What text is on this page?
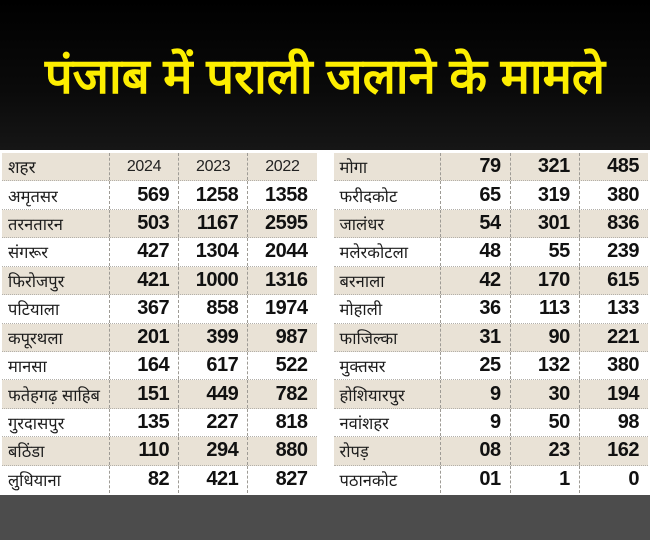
पंजाब में पराली जलाने के मामले
शहर	2024	2023	2022
अमृतसर	569	1258	1358
तरनतारन	503	1167	2595
संगरूर	427	1304	2044
फिरोजपुर	421	1000	1316
पटियाला	367	858	1974
कपूरथला	201	399	987
मानसा	164	617	522
फतेहगढ़ साहिब	151	449	782
गुरदासपुर	135	227	818
बठिंडा	110	294	880
लुधियाना	82	421	827
मोगा	79	321	485
फरीदकोट	65	319	380
जालंधर	54	301	836
मलेरकोटला	48	55	239
बरनाला	42	170	615
मोहाली	36	113	133
फाजिल्का	31	90	221
मुक्तसर	25	132	380
होशियारपुर	9	30	194
नवांशहर	9	50	98
रोपड़	08	23	162
पठानकोट	01	1	0
